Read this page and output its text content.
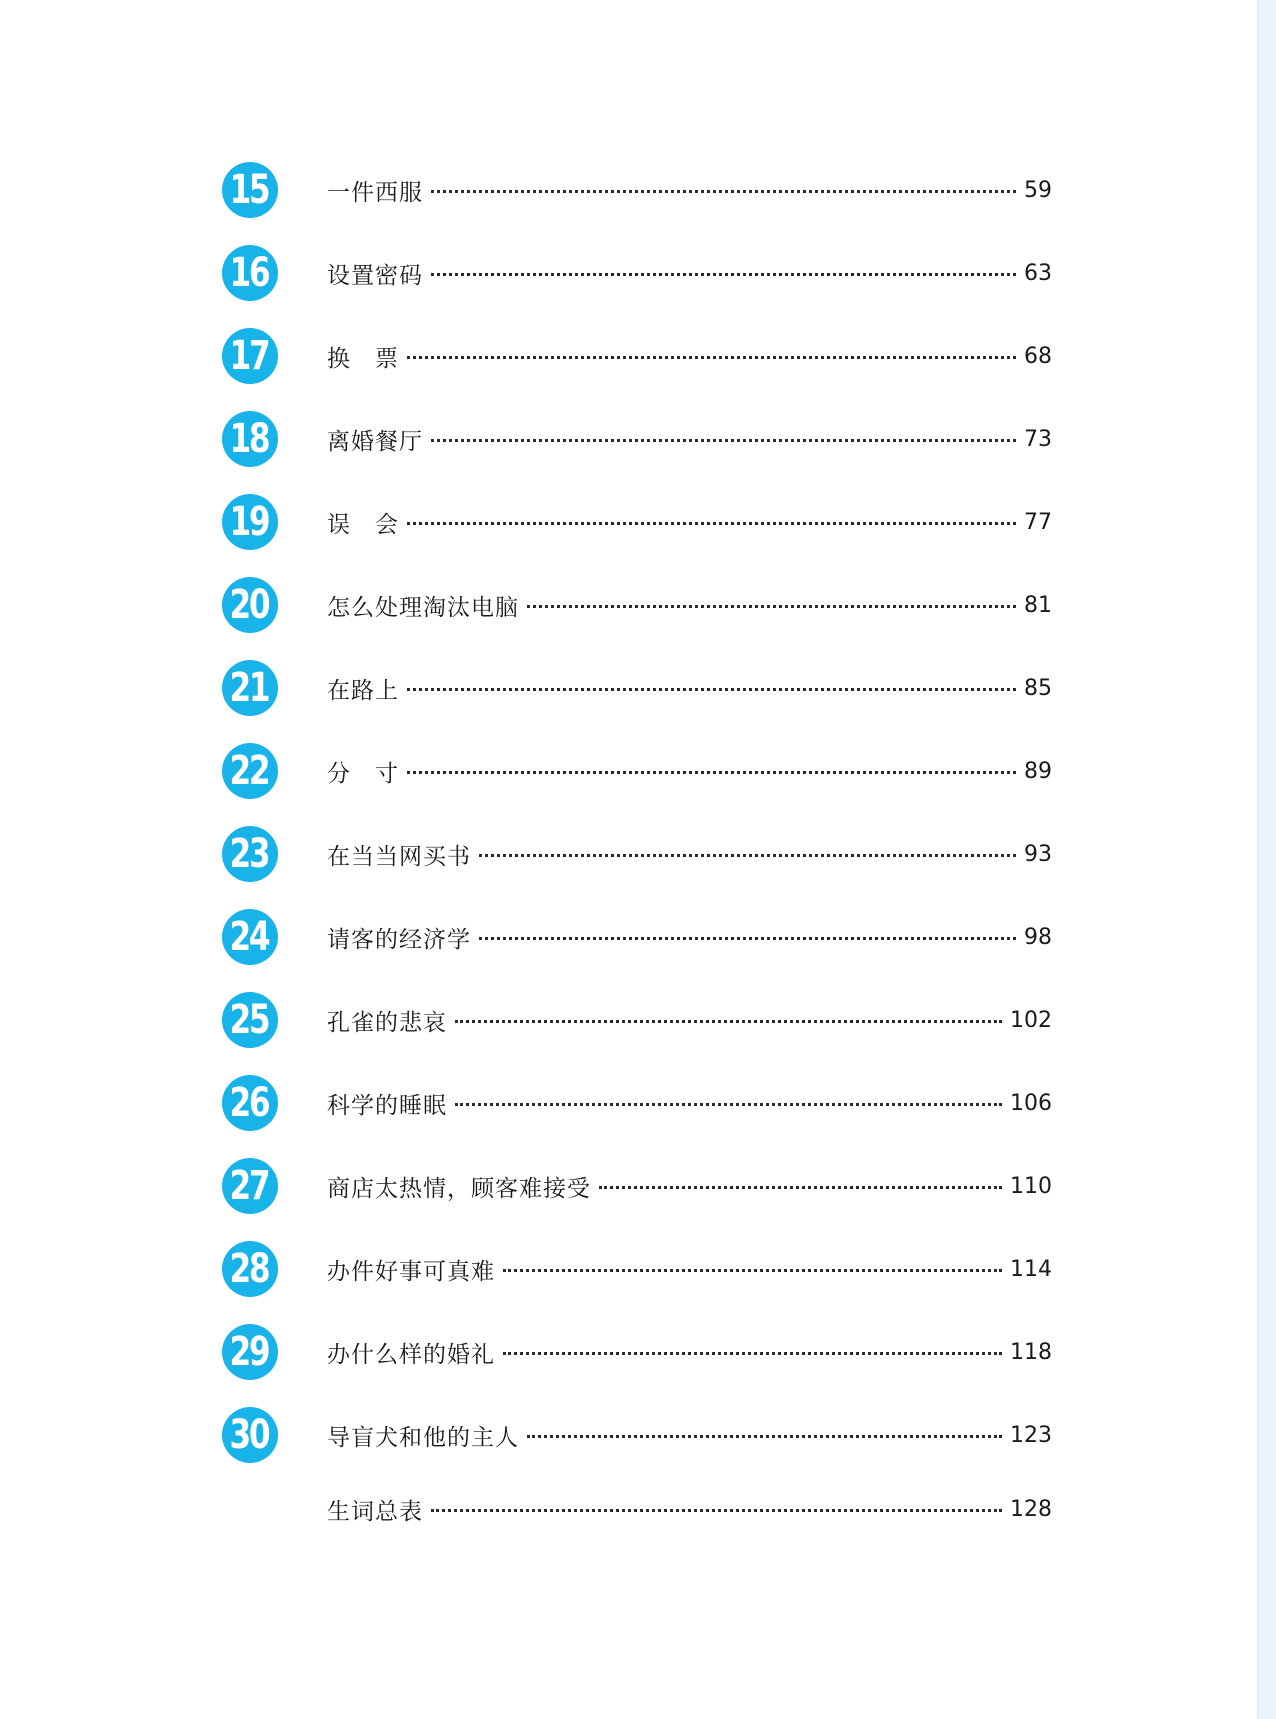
15	一件西服	59
16	设置密码	63
17	换　票	68
18	离婚餐厅	73
19	误　会	77
20	怎么处理淘汰电脑	81
21	在路上	85
22	分　寸	89
23	在当当网买书	93
24	请客的经济学	98
25	孔雀的悲哀	102
26	科学的睡眠	106
27	商店太热情，顾客难接受	110
28	办件好事可真难	114
29	办什么样的婚礼	118
30	导盲犬和他的主人	123
生词总表	128
